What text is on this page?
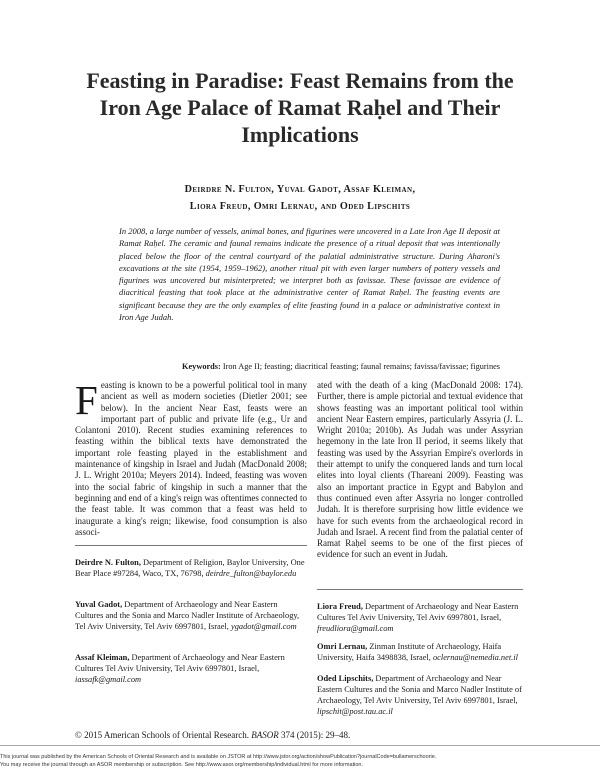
Feasting in Paradise: Feast Remains from the Iron Age Palace of Ramat Raḥel and Their Implications
Deirdre N. Fulton, Yuval Gadot, Assaf Kleiman,
Liora Freud, Omri Lernau, and Oded Lipschits

In 2008, a large number of vessels, animal bones, and figurines were uncovered in a Late Iron Age II deposit at Ramat Raḥel. The ceramic and faunal remains indicate the presence of a ritual deposit that was intentionally placed below the floor of the central courtyard of the palatial administrative structure. During Aharoni's excavations at the site (1954, 1959–1962), another ritual pit with even larger numbers of pottery vessels and figurines was uncovered but misinterpreted; we interpret both as favissae. These favissae are evidence of diacritical feasting that took place at the administrative center of Ramat Raḥel. The feasting events are significant because they are the only examples of elite feasting found in a palace or administrative context in Iron Age Judah.

Keywords: Iron Age II; feasting; diacritical feasting; faunal remains; favissa/favissae; figurines

F easting is known to be a powerful political tool in many ancient as well as modern societies (Dietler 2001; see below). In the ancient Near East, feasts were an important part of public and private life (e.g., Ur and Colantoni 2010). Recent studies examining references to feasting within the biblical texts have demonstrated the important role feasting played in the establishment and maintenance of kingship in Israel and Judah (MacDonald 2008; J. L. Wright 2010a; Meyers 2014). Indeed, feasting was woven into the social fabric of kingship in such a manner that the beginning and end of a king's reign was oftentimes connected to the feast table. It was common that a feast was held to inaugurate a king's reign; likewise, food consumption is also associ-

ated with the death of a king (MacDonald 2008: 174). Further, there is ample pictorial and textual evidence that shows feasting was an important political tool within ancient Near Eastern empires, particularly Assyria (J. L. Wright 2010a; 2010b). As Judah was under Assyrian hegemony in the late Iron II period, it seems likely that feasting was used by the Assyrian Empire's overlords in their attempt to unify the conquered lands and turn local elites into loyal clients (Thareani 2009). Feasting was also an important practice in Egypt and Babylon and thus continued even after Assyria no longer controlled Judah. It is therefore surprising how little evidence we have for such events from the archaeological record in Judah and Israel. A recent find from the palatial center of Ramat Raḥel seems to be one of the first pieces of evidence for such an event in Judah.

Deirdre N. Fulton, Department of Religion, Baylor University, One Bear Place #97284, Waco, TX, 76798, deirdre_fulton@baylor.edu
Yuval Gadot, Department of Archaeology and Near Eastern Cultures and the Sonia and Marco Nadler Institute of Archaeology, Tel Aviv University, Tel Aviv 6997801, Israel, ygadot@gmail.com
Assaf Kleiman, Department of Archaeology and Near Eastern Cultures Tel Aviv University, Tel Aviv 6997801, Israel, iassafk@gmail.com
Liora Freud, Department of Archaeology and Near Eastern Cultures Tel Aviv University, Tel Aviv 6997801, Israel, freudliora@gmail.com
Omri Lernau, Zinman Institute of Archaeology, Haifa University, Haifa 3498838, Israel, oclernau@nemedia.net.il
Oded Lipschits, Department of Archaeology and Near Eastern Cultures and the Sonia and Marco Nadler Institute of Archaeology, Tel Aviv University, Tel Aviv 6997801, Israel, lipschit@post.tau.ac.il

© 2015 American Schools of Oriental Research. BASOR 374 (2015): 29–48.

This journal was published by the American Schools of Oriental Research and is available on JSTOR at http://www.jstor.org/action/showPublication?journalCode=bullamerschoorie.
You may receive the journal through an ASOR membership or subscription. See http://www.asor.org/membership/individual.html for more information.
